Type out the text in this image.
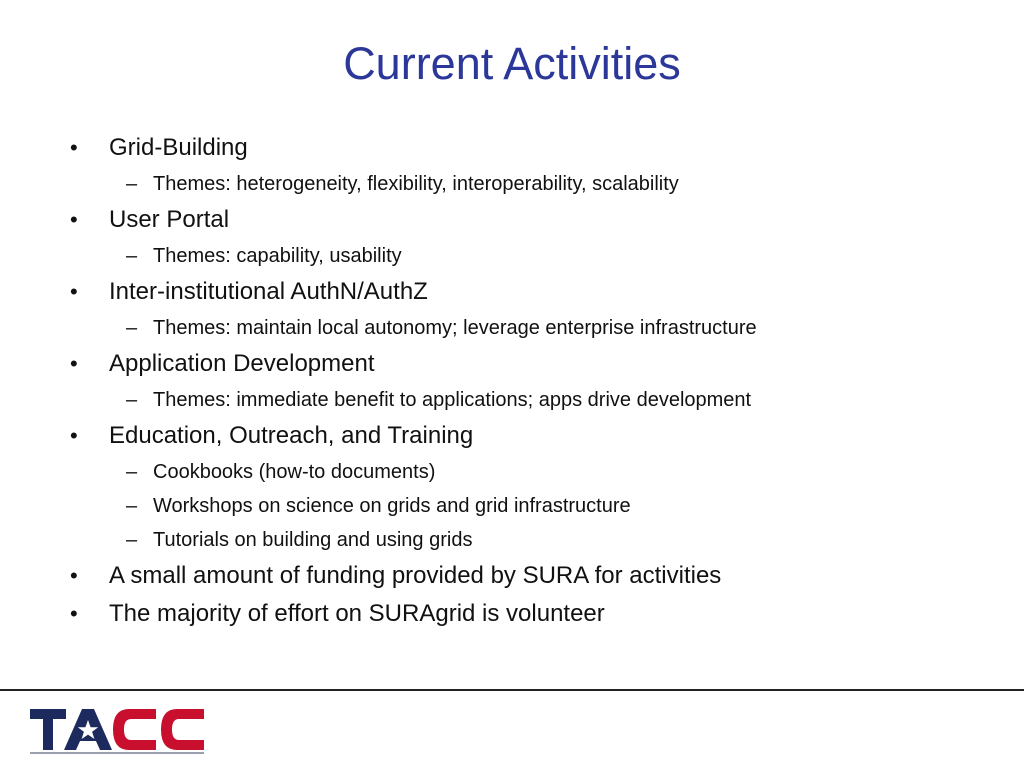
Current Activities
• Grid-Building
– Themes: heterogeneity, flexibility, interoperability, scalability
• User Portal
– Themes: capability, usability
• Inter-institutional AuthN/AuthZ
– Themes: maintain local autonomy; leverage enterprise infrastructure
• Application Development
– Themes: immediate benefit to applications; apps drive development
• Education, Outreach, and Training
– Cookbooks (how-to documents)
– Workshops on science on grids and grid infrastructure
– Tutorials on building and using grids
• A small amount of funding provided by SURA for activities
• The majority of effort on SURAgrid is volunteer
